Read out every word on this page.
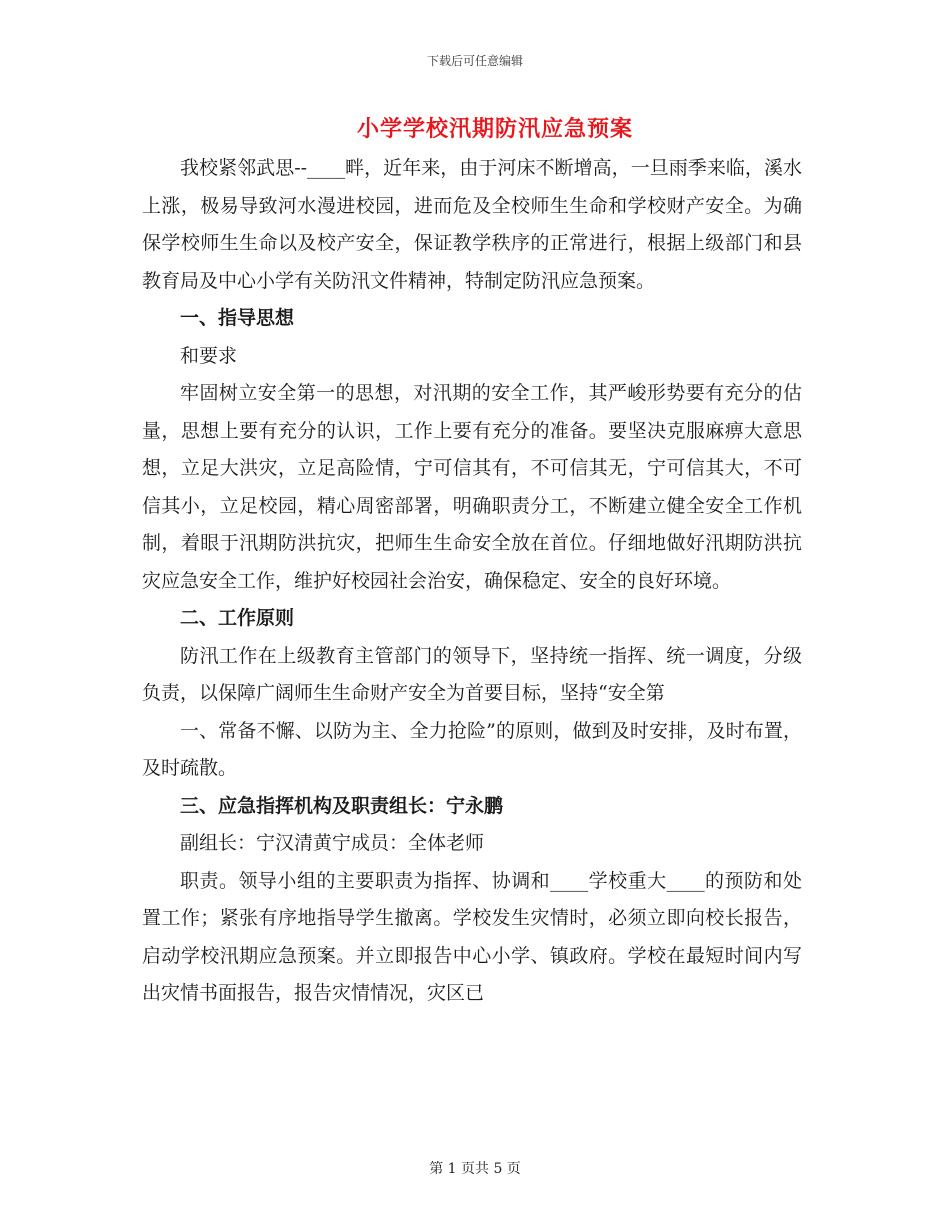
下载后可任意编辑
小学学校汛期防汛应急预案

我校紧邻武思--____畔，近年来，由于河床不断增高，一旦雨季来临，溪水上涨，极易导致河水漫进校园，进而危及全校师生生命和学校财产安全。为确保学校师生生命以及校产安全，保证教学秩序的正常进行，根据上级部门和县教育局及中心小学有关防汛文件精神，特制定防汛应急预案。

一、指导思想

和要求

牢固树立安全第一的思想，对汛期的安全工作，其严峻形势要有充分的估量，思想上要有充分的认识，工作上要有充分的准备。要坚决克服麻痹大意思想，立足大洪灾，立足高险情，宁可信其有，不可信其无，宁可信其大，不可信其小，立足校园，精心周密部署，明确职责分工，不断建立健全安全工作机制，着眼于汛期防洪抗灾，把师生生命安全放在首位。仔细地做好汛期防洪抗灾应急安全工作，维护好校园社会治安，确保稳定、安全的良好环境。

二、工作原则

防汛工作在上级教育主管部门的领导下，坚持统一指挥、统一调度，分级负责，以保障广阔师生生命财产安全为首要目标，坚持“安全第

一、常备不懈、以防为主、全力抢险”的原则，做到及时安排，及时布置，及时疏散。

三、应急指挥机构及职责组长：宁永鹏

副组长：宁汉清黄宁成员：全体老师

职责。领导小组的主要职责为指挥、协调和____学校重大____的预防和处置工作；紧张有序地指导学生撤离。学校发生灾情时，必须立即向校长报告，启动学校汛期应急预案。并立即报告中心小学、镇政府。学校在最短时间内写出灾情书面报告，报告灾情情况，灾区已

第 1 页共 5 页
